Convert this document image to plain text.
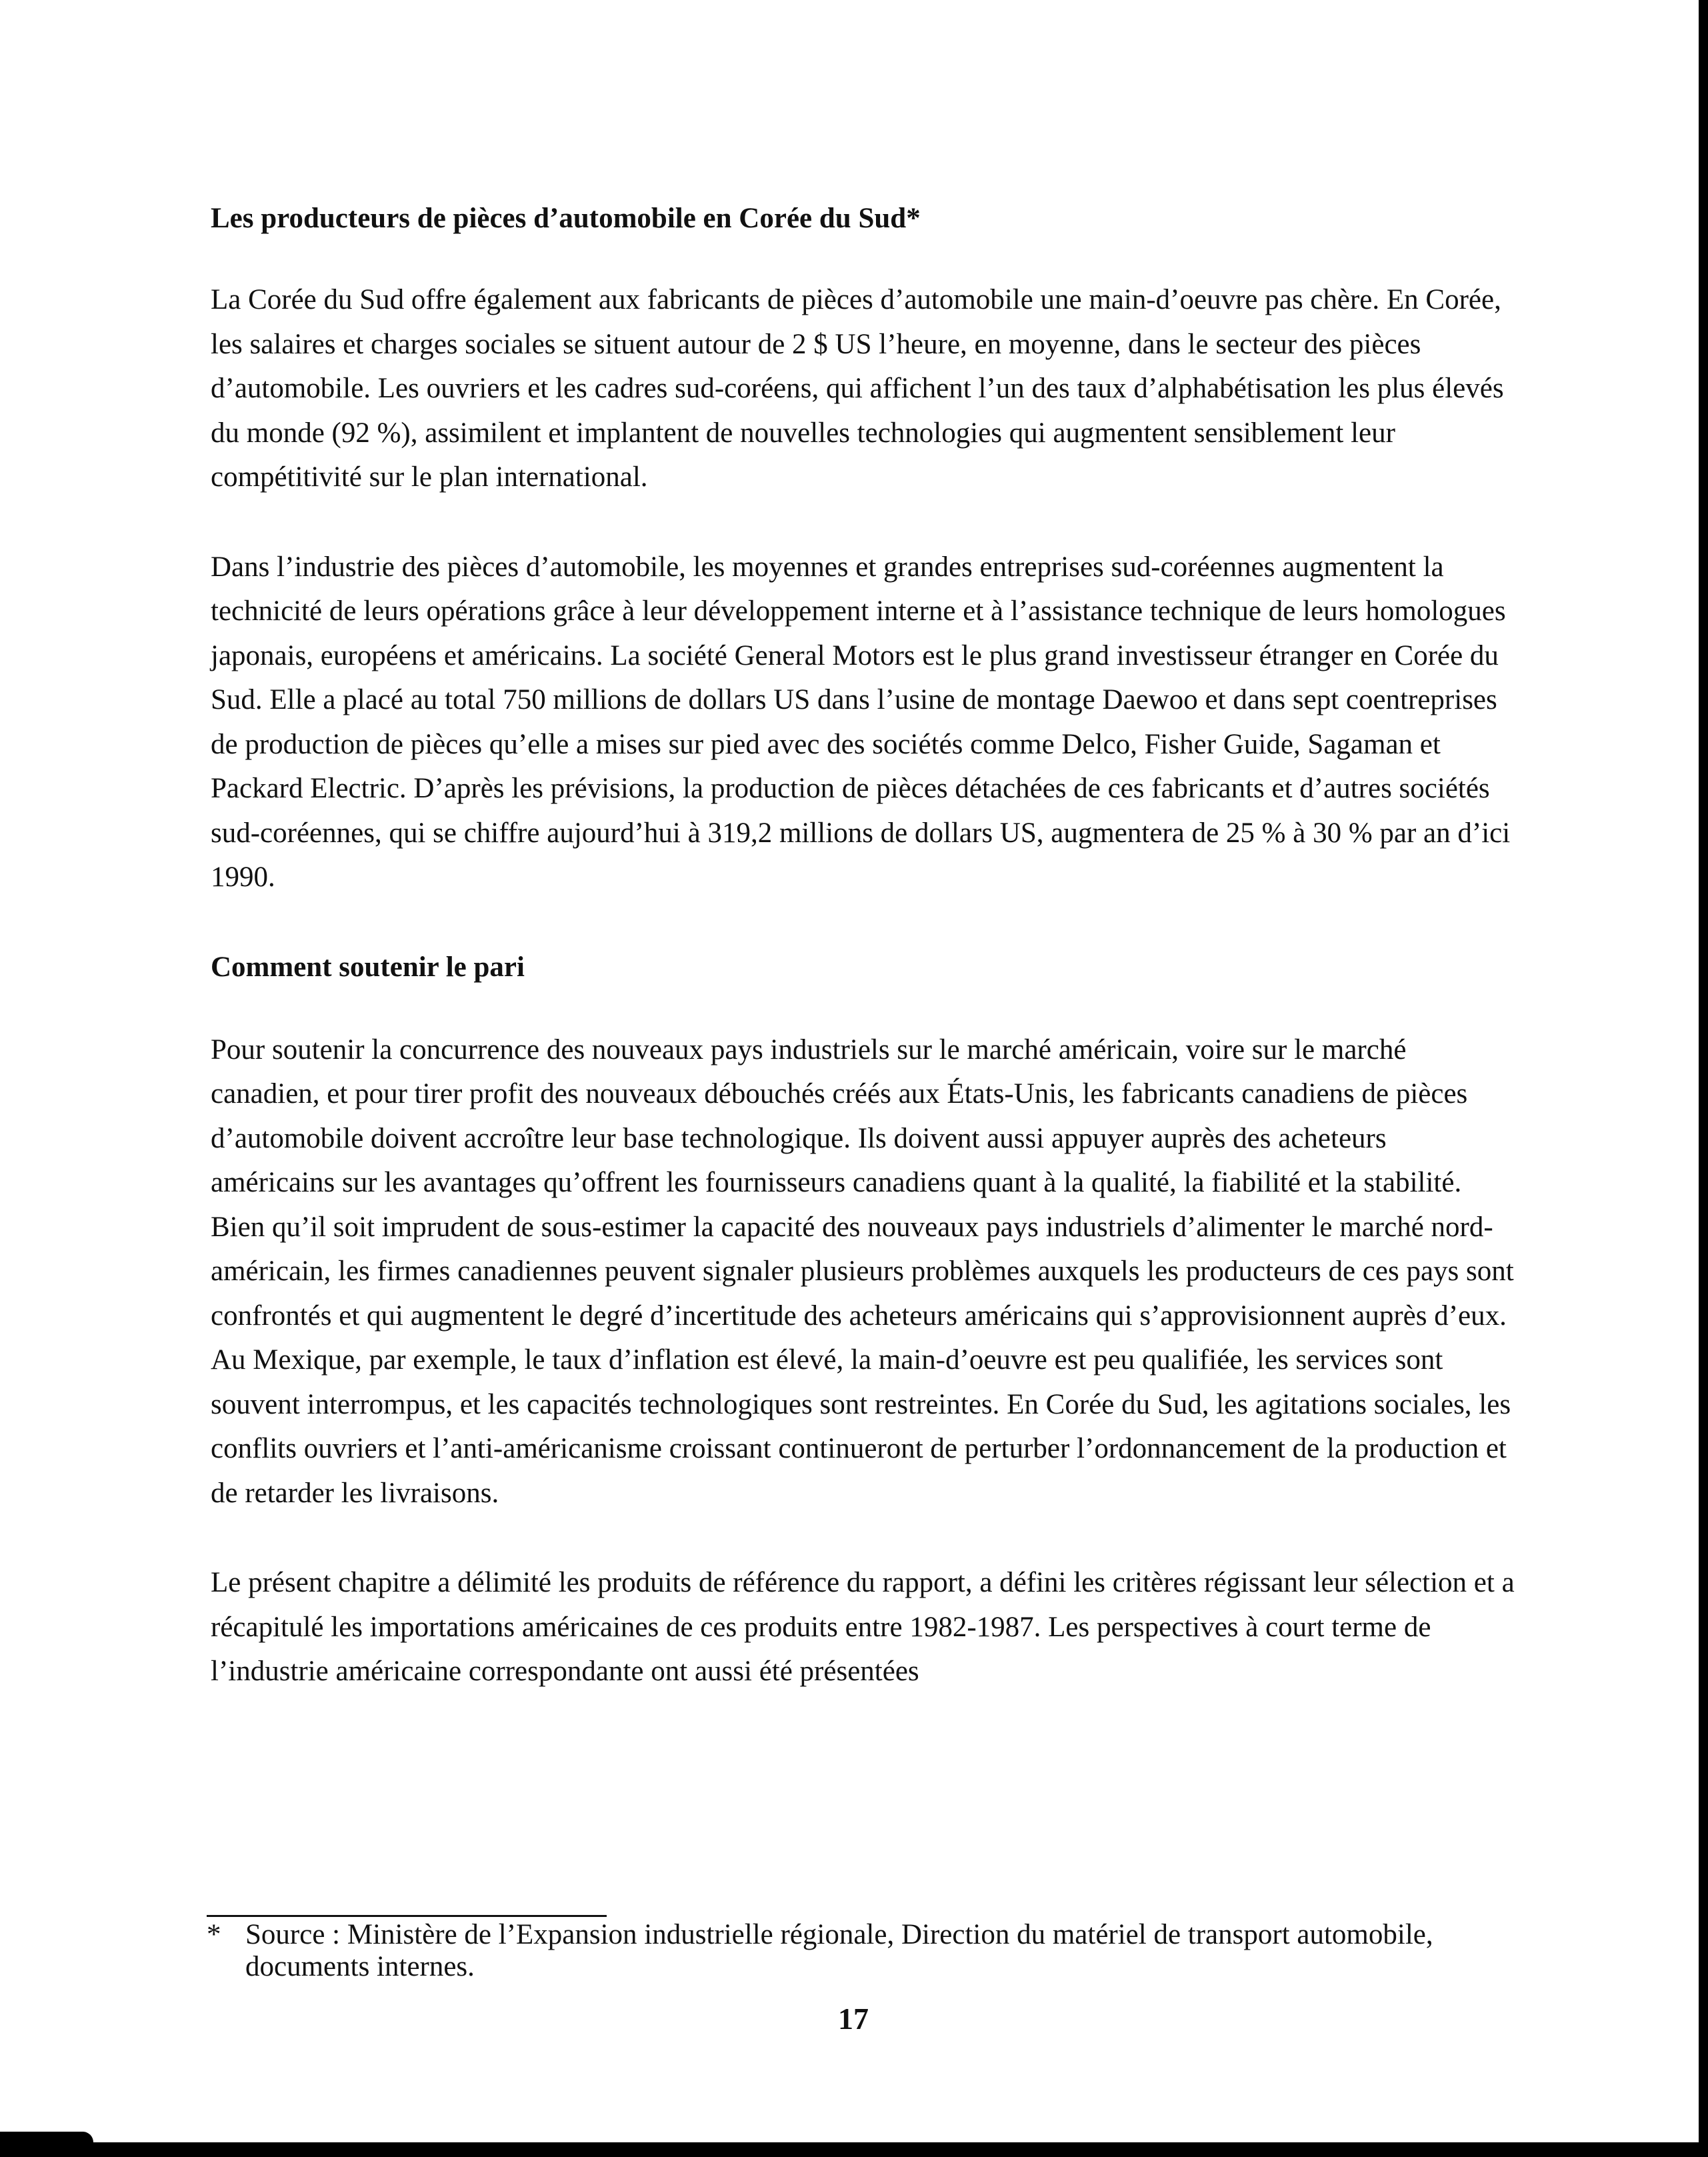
Les producteurs de pièces d’automobile en Corée du Sud*

La Corée du Sud offre également aux fabricants de pièces d’automobile une main-d’oeuvre pas chère. En Corée, les salaires et charges sociales se situent autour de 2 $ US l’heure, en moyenne, dans le secteur des pièces d’automobile. Les ouvriers et les cadres sud-coréens, qui affichent l’un des taux d’alphabétisation les plus élevés du monde (92 %), assimilent et implantent de nouvelles technologies qui augmentent sensiblement leur compétitivité sur le plan international.

Dans l’industrie des pièces d’automobile, les moyennes et grandes entreprises sud-coréennes augmentent la technicité de leurs opérations grâce à leur développement interne et à l’assistance technique de leurs homologues japonais, européens et américains. La société General Motors est le plus grand investisseur étranger en Corée du Sud. Elle a placé au total 750 millions de dollars US dans l’usine de montage Daewoo et dans sept coentreprises de production de pièces qu’elle a mises sur pied avec des sociétés comme Delco, Fisher Guide, Sagaman et Packard Electric. D’après les prévisions, la production de pièces détachées de ces fabricants et d’autres sociétés sud-coréennes, qui se chiffre aujourd’hui à 319,2 millions de dollars US, augmentera de 25 % à 30 % par an d’ici 1990.

Comment soutenir le pari

Pour soutenir la concurrence des nouveaux pays industriels sur le marché américain, voire sur le marché canadien, et pour tirer profit des nouveaux débouchés créés aux États-Unis, les fabricants canadiens de pièces d’automobile doivent accroître leur base technologique. Ils doivent aussi appuyer auprès des acheteurs américains sur les avantages qu’offrent les fournisseurs canadiens quant à la qualité, la fiabilité et la stabilité. Bien qu’il soit imprudent de sous-estimer la capacité des nouveaux pays industriels d’alimenter le marché nord-américain, les firmes canadiennes peuvent signaler plusieurs problèmes auxquels les producteurs de ces pays sont confrontés et qui augmentent le degré d’incertitude des acheteurs américains qui s’approvisionnent auprès d’eux. Au Mexique, par exemple, le taux d’inflation est élevé, la main-d’oeuvre est peu qualifiée, les services sont souvent interrompus, et les capacités technologiques sont restreintes. En Corée du Sud, les agitations sociales, les conflits ouvriers et l’anti-américanisme croissant continueront de perturber l’ordonnancement de la production et de retarder les livraisons.

Le présent chapitre a délimité les produits de référence du rapport, a défini les critères régissant leur sélection et a récapitulé les importations américaines de ces produits entre 1982-1987. Les perspectives à court terme de l’industrie américaine correspondante ont aussi été présentées

* Source : Ministère de l’Expansion industrielle régionale, Direction du matériel de transport automobile, documents internes.
17
